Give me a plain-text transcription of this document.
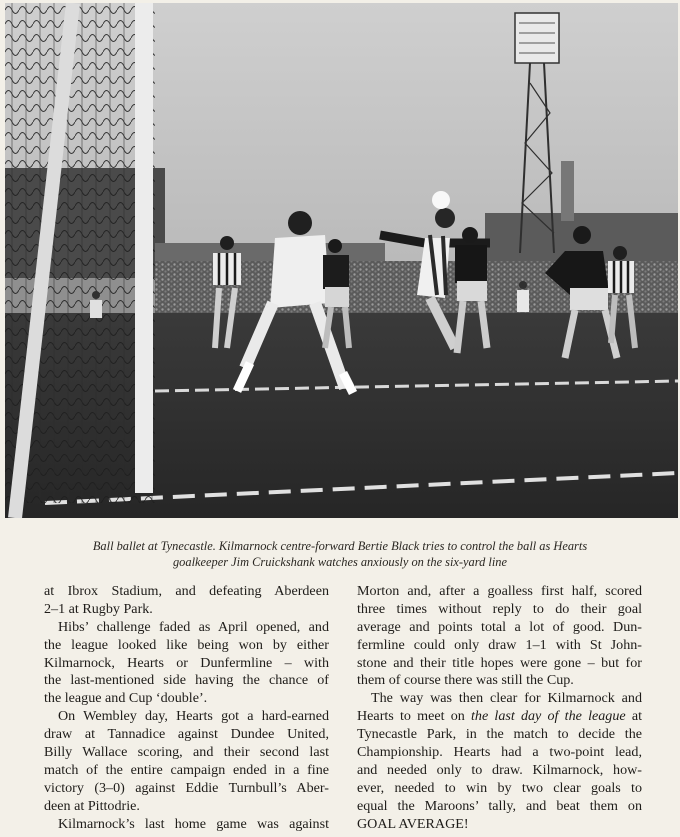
Ball ballet at Tynecastle. Kilmarnock centre-forward Bertie Black tries to control the ball as Hearts
goalkeeper Jim Cruickshank watches anxiously on the six-yard line
at Ibrox Stadium, and defeating Aberdeen
2–1 at Rugby Park.
Hibs’ challenge faded as April opened, and
the league looked like being won by either
Kilmarnock, Hearts or Dunfermline – with
the last-mentioned side having the chance of
the league and Cup ‘double’.
On Wembley day, Hearts got a hard-earned
draw at Tannadice against Dundee United,
Billy Wallace scoring, and their second last
match of the entire campaign ended in a fine
victory (3–0) against Eddie Turnbull’s Aber-
deen at Pittodrie.
Kilmarnock’s last home game was against
Morton and, after a goalless first half, scored
three times without reply to do their goal
average and points total a lot of good. Dun-
fermline could only draw 1–1 with St John-
stone and their title hopes were gone – but for
them of course there was still the Cup.
The way was then clear for Kilmarnock and
Hearts to meet on the last day of the league at
Tynecastle Park, in the match to decide the
Championship. Hearts had a two-point lead,
and needed only to draw. Kilmarnock, how-
ever, needed to win by two clear goals to
equal the Maroons’ tally, and beat them on
GOAL AVERAGE!
